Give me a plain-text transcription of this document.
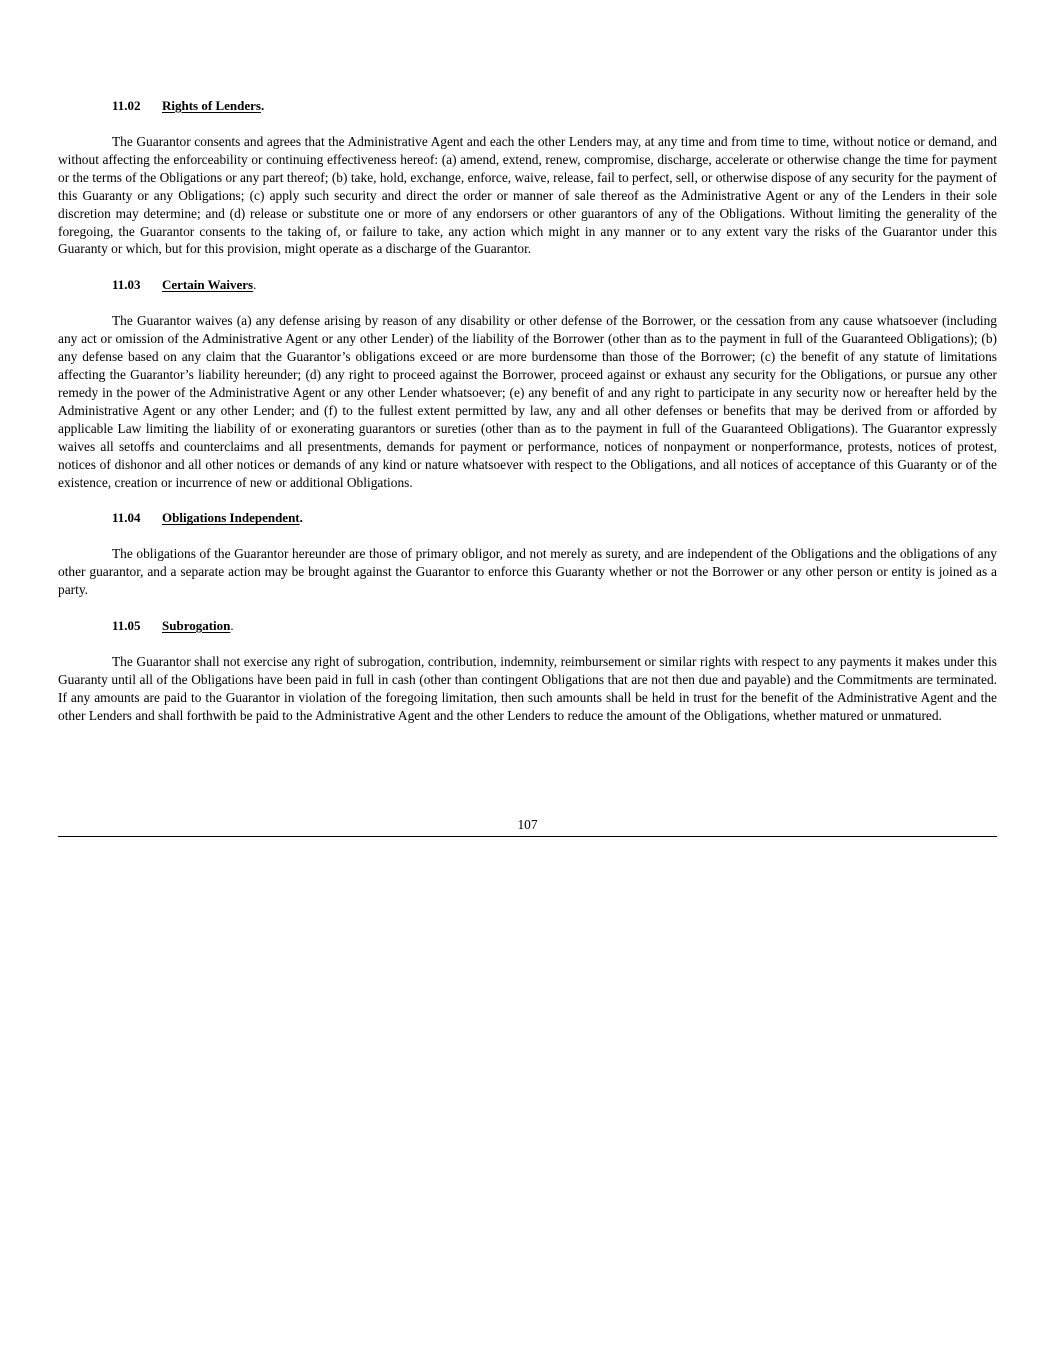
11.02 Rights of Lenders.

The Guarantor consents and agrees that the Administrative Agent and each the other Lenders may, at any time and from time to time, without notice or demand, and without affecting the enforceability or continuing effectiveness hereof: (a) amend, extend, renew, compromise, discharge, accelerate or otherwise change the time for payment or the terms of the Obligations or any part thereof; (b) take, hold, exchange, enforce, waive, release, fail to perfect, sell, or otherwise dispose of any security for the payment of this Guaranty or any Obligations; (c) apply such security and direct the order or manner of sale thereof as the Administrative Agent or any of the Lenders in their sole discretion may determine; and (d) release or substitute one or more of any endorsers or other guarantors of any of the Obligations. Without limiting the generality of the foregoing, the Guarantor consents to the taking of, or failure to take, any action which might in any manner or to any extent vary the risks of the Guarantor under this Guaranty or which, but for this provision, might operate as a discharge of the Guarantor.

11.03 Certain Waivers.

The Guarantor waives (a) any defense arising by reason of any disability or other defense of the Borrower, or the cessation from any cause whatsoever (including any act or omission of the Administrative Agent or any other Lender) of the liability of the Borrower (other than as to the payment in full of the Guaranteed Obligations); (b) any defense based on any claim that the Guarantor’s obligations exceed or are more burdensome than those of the Borrower; (c) the benefit of any statute of limitations affecting the Guarantor’s liability hereunder; (d) any right to proceed against the Borrower, proceed against or exhaust any security for the Obligations, or pursue any other remedy in the power of the Administrative Agent or any other Lender whatsoever; (e) any benefit of and any right to participate in any security now or hereafter held by the Administrative Agent or any other Lender; and (f) to the fullest extent permitted by law, any and all other defenses or benefits that may be derived from or afforded by applicable Law limiting the liability of or exonerating guarantors or sureties (other than as to the payment in full of the Guaranteed Obligations). The Guarantor expressly waives all setoffs and counterclaims and all presentments, demands for payment or performance, notices of nonpayment or nonperformance, protests, notices of protest, notices of dishonor and all other notices or demands of any kind or nature whatsoever with respect to the Obligations, and all notices of acceptance of this Guaranty or of the existence, creation or incurrence of new or additional Obligations.

11.04 Obligations Independent.

The obligations of the Guarantor hereunder are those of primary obligor, and not merely as surety, and are independent of the Obligations and the obligations of any other guarantor, and a separate action may be brought against the Guarantor to enforce this Guaranty whether or not the Borrower or any other person or entity is joined as a party.

11.05 Subrogation.

The Guarantor shall not exercise any right of subrogation, contribution, indemnity, reimbursement or similar rights with respect to any payments it makes under this Guaranty until all of the Obligations have been paid in full in cash (other than contingent Obligations that are not then due and payable) and the Commitments are terminated. If any amounts are paid to the Guarantor in violation of the foregoing limitation, then such amounts shall be held in trust for the benefit of the Administrative Agent and the other Lenders and shall forthwith be paid to the Administrative Agent and the other Lenders to reduce the amount of the Obligations, whether matured or unmatured.

107
